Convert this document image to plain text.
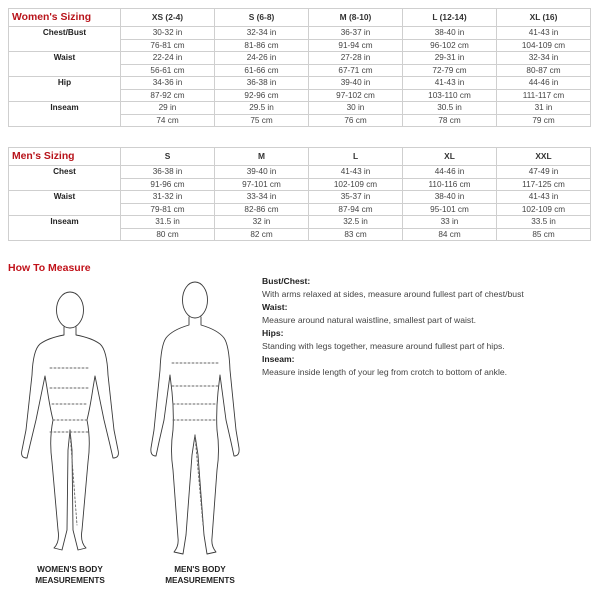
Women's Sizing	XS (2-4)	S (6-8)	M (8-10)	L (12-14)	XL (16)
Chest/Bust	30-32 in	32-34 in	36-37 in	38-40 in	41-43 in
	76-81 cm	81-86 cm	91-94 cm	96-102 cm	104-109 cm
Waist	22-24 in	24-26 in	27-28 in	29-31 in	32-34 in
	56-61 cm	61-66 cm	67-71 cm	72-79 cm	80-87 cm
Hip	34-36 in	36-38 in	39-40 in	41-43 in	44-46 in
	87-92 cm	92-96 cm	97-102 cm	103-110 cm	111-117 cm
Inseam	29 in	29.5 in	30 in	30.5 in	31 in
	74 cm	75 cm	76 cm	78 cm	79 cm
Men's Sizing	S	M	L	XL	XXL
Chest	36-38 in	39-40 in	41-43 in	44-46 in	47-49 in
	91-96 cm	97-101 cm	102-109 cm	110-116 cm	117-125 cm
Waist	31-32 in	33-34 in	35-37 in	38-40 in	41-43 in
	79-81 cm	82-86 cm	87-94 cm	95-101 cm	102-109 cm
Inseam	31.5 in	32 in	32.5 in	33 in	33.5 in
	80 cm	82 cm	83 cm	84 cm	85 cm
How To Measure
WOMEN'S BODY
MEASUREMENTS
MEN'S BODY
MEASUREMENTS
Bust/Chest:
With arms relaxed at sides, measure around fullest part of chest/bust
Waist:
Measure around natural waistline, smallest part of waist.
Hips:
Standing with legs together, measure around fullest part of hips.
Inseam:
Measure inside length of your leg from crotch to bottom of ankle.
